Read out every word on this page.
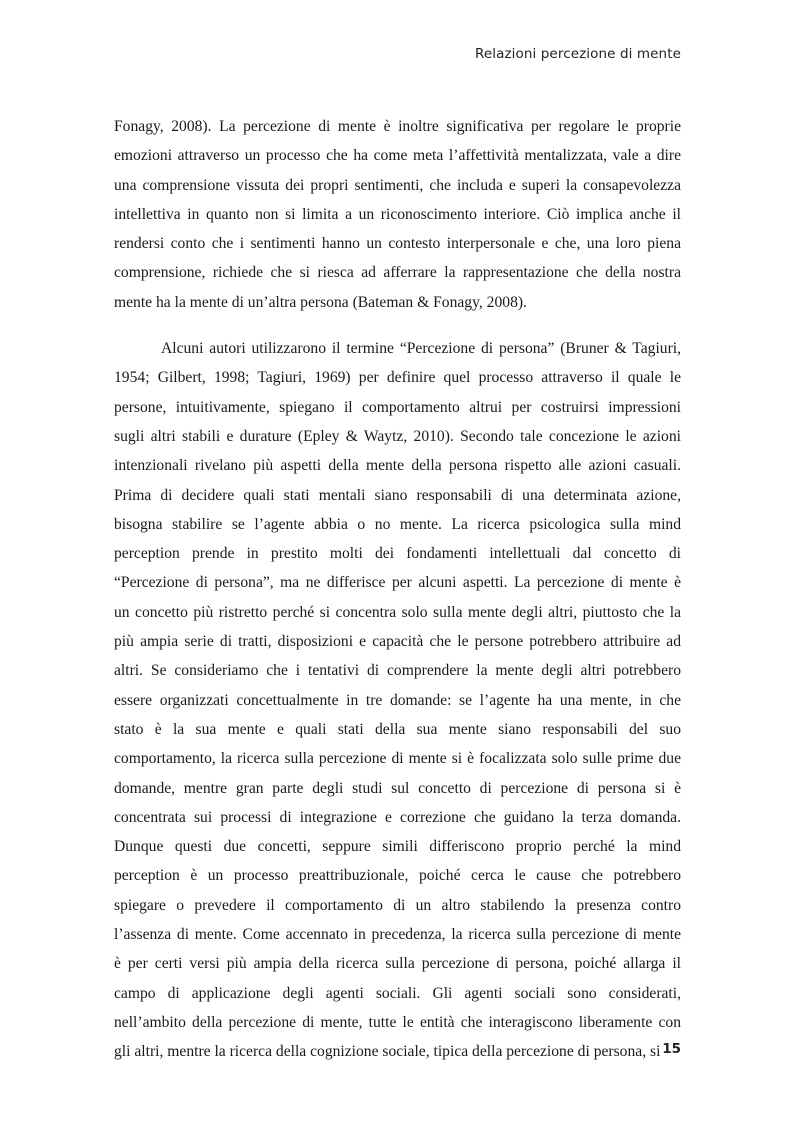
Relazioni percezione di mente

Fonagy, 2008). La percezione di mente è inoltre significativa per regolare le proprie
emozioni attraverso un processo che ha come meta l’affettività mentalizzata, vale a dire
una comprensione vissuta dei propri sentimenti, che includa e superi la consapevolezza
intellettiva in quanto non si limita a un riconoscimento interiore. Ciò implica anche il
rendersi conto che i sentimenti hanno un contesto interpersonale e che, una loro piena
comprensione, richiede che si riesca ad afferrare la rappresentazione che della nostra
mente ha la mente di un’altra persona (Bateman & Fonagy, 2008).
Alcuni autori utilizzarono il termine “Percezione di persona” (Bruner & Tagiuri,
1954; Gilbert, 1998; Tagiuri, 1969) per definire quel processo attraverso il quale le
persone, intuitivamente, spiegano il comportamento altrui per costruirsi impressioni
sugli altri stabili e durature (Epley & Waytz, 2010). Secondo tale concezione le azioni
intenzionali rivelano più aspetti della mente della persona rispetto alle azioni casuali.
Prima di decidere quali stati mentali siano responsabili di una determinata azione,
bisogna stabilire se l’agente abbia o no mente. La ricerca psicologica sulla mind
perception prende in prestito molti dei fondamenti intellettuali dal concetto di
“Percezione di persona”, ma ne differisce per alcuni aspetti. La percezione di mente è
un concetto più ristretto perché si concentra solo sulla mente degli altri, piuttosto che la
più ampia serie di tratti, disposizioni e capacità che le persone potrebbero attribuire ad
altri. Se consideriamo che i tentativi di comprendere la mente degli altri potrebbero
essere organizzati concettualmente in tre domande: se l’agente ha una mente, in che
stato è la sua mente e quali stati della sua mente siano responsabili del suo
comportamento, la ricerca sulla percezione di mente si è focalizzata solo sulle prime due
domande, mentre gran parte degli studi sul concetto di percezione di persona si è
concentrata sui processi di integrazione e correzione che guidano la terza domanda.
Dunque questi due concetti, seppure simili differiscono proprio perché la mind
perception è un processo preattribuzionale, poiché cerca le cause che potrebbero
spiegare o prevedere il comportamento di un altro stabilendo la presenza contro
l’assenza di mente. Come accennato in precedenza, la ricerca sulla percezione di mente
è per certi versi più ampia della ricerca sulla percezione di persona, poiché allarga il
campo di applicazione degli agenti sociali. Gli agenti sociali sono considerati,
nell’ambito della percezione di mente, tutte le entità che interagiscono liberamente con
gli altri, mentre la ricerca della cognizione sociale, tipica della percezione di persona, si 15
